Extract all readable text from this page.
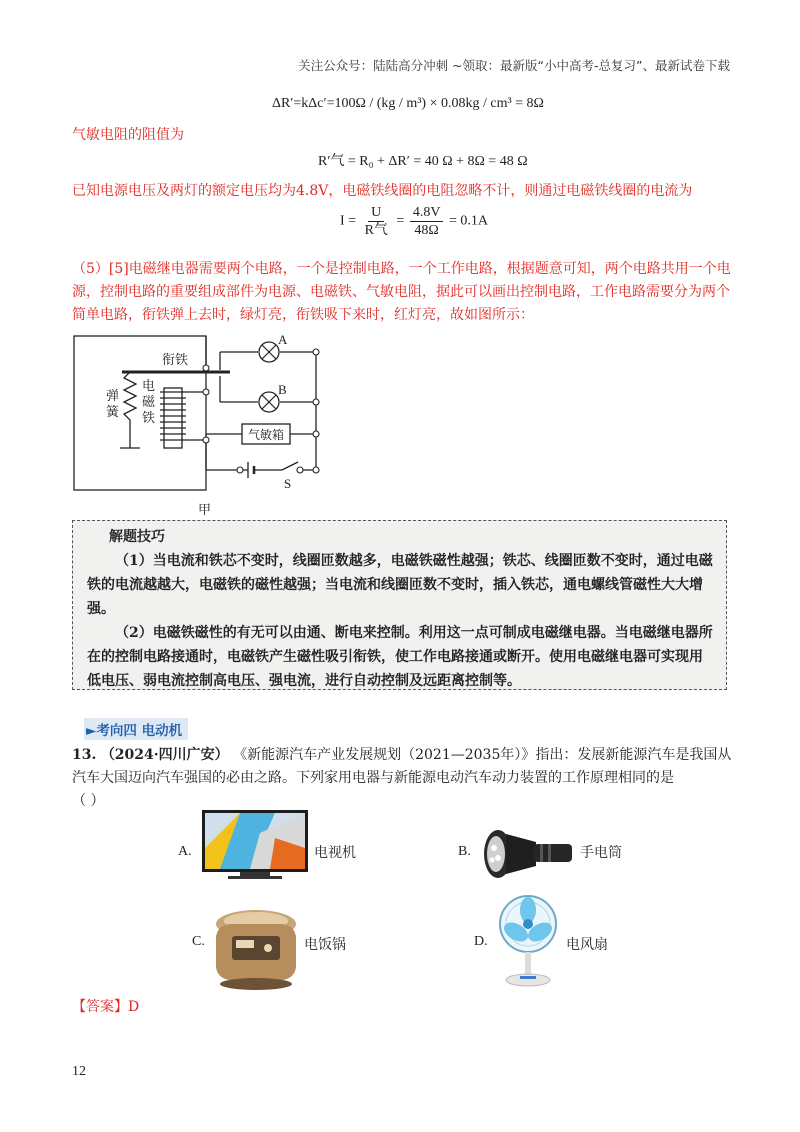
关注公众号：陆陆高分冲刺 ~领取：最新版“小中高考-总复习”、最新试卷下载
ΔR′=kΔc′=100Ω / (kg / m³) × 0.08kg / cm³ = 8Ω
气敏电阻的阻值为
R′气 = R₀ + ΔR′ = 40 Ω + 8Ω = 48 Ω
已知电源电压及两灯的额定电压均为4.8V，电磁铁线圈的电阻忽略不计，则通过电磁铁线圈的电流为
$I = \frac{U}{\text{R气}} = \frac{4.8V}{48\Omega} = 0.1A$
（5）[5]电磁继电器需要两个电路，一个是控制电路，一个工作电路，根据题意可知，两个电路共用一个电源，控制电路的重要组成部件为电源、电磁铁、气敏电阻，据此可以画出控制电路，工作电路需要分为两个简单电路，衔铁弹上去时，绿灯亮，衔铁吸下来时，红灯亮，故如图所示：
衔铁
弹
簧
电
磁
铁
A
B
气敏箱
S
甲
解题技巧

（1）当电流和铁芯不变时，线圈匝数越多，电磁铁磁性越强；铁芯、线圈匝数不变时，通过电磁铁的电流越越大，电磁铁的磁性越强；当电流和线圈匝数不变时，插入铁芯，通电螺线管磁性大大增强。

（2）电磁铁磁性的有无可以由通、断电来控制。利用这一点可制成电磁继电器。当电磁继电器所在的控制电路接通时，电磁铁产生磁性吸引衔铁，使工作电路接通或断开。使用电磁继电器可实现用低电压、弱电流控制高电压、强电流，进行自动控制及远距离控制等。

►考向四 电动机
13. （2024·四川广安） 《新能源汽车产业发展规划（2021—2035年）》指出：发展新能源汽车是我国从汽车大国迈向汽车强国的必由之路。下列家用电器与新能源电动汽车动力装置的工作原理相同的是
（ ）
A.	电视机	B.	手电筒
C.	电饭锅	D.	电风扇
【答案】D
12
